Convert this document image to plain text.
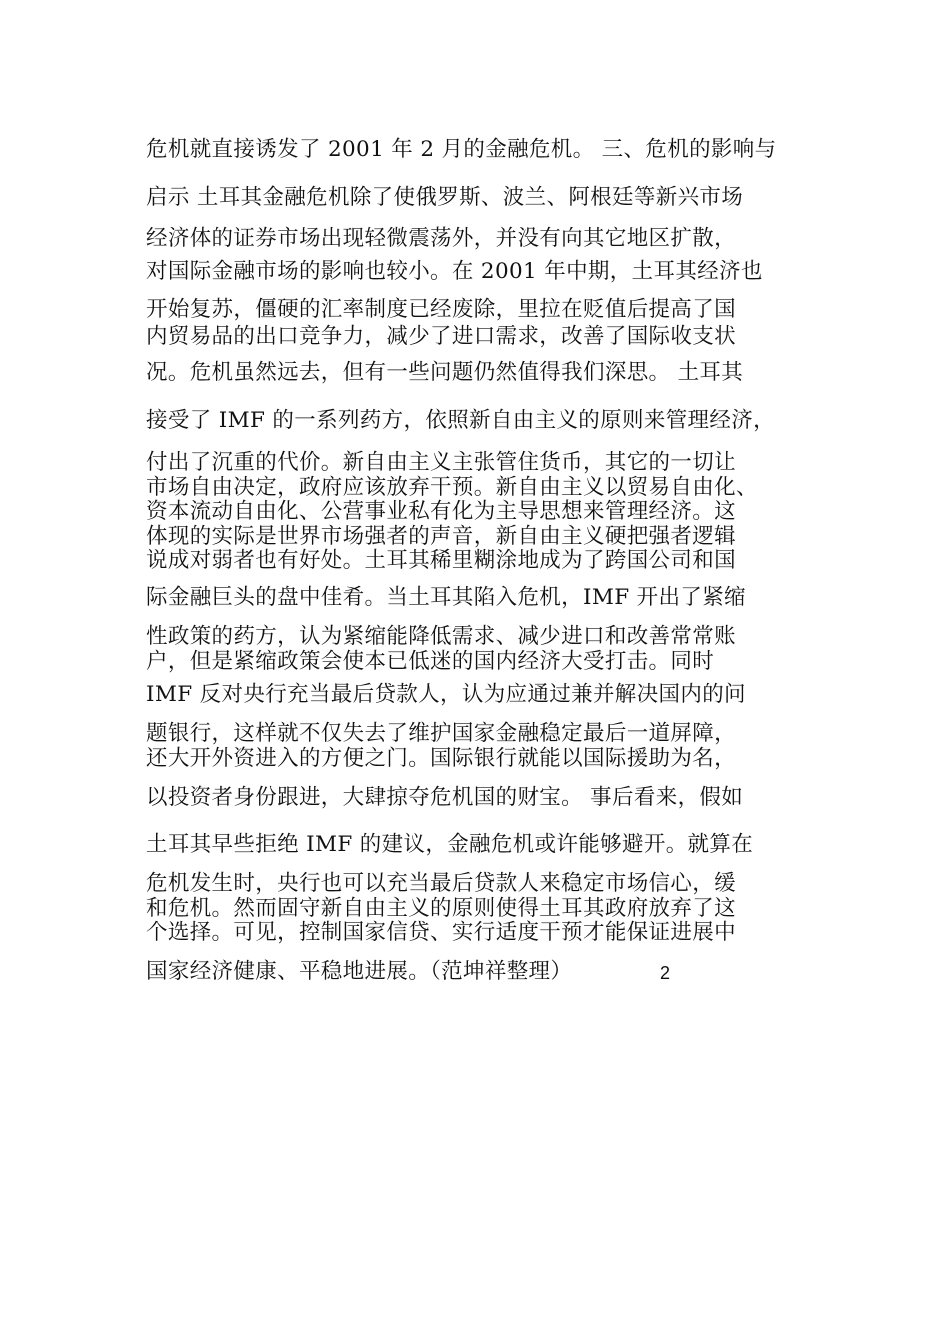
危机就直接诱发了 2001 年 2 月的金融危机。 三、危机的影响与
启示 土耳其金融危机除了使俄罗斯、波兰、阿根廷等新兴市场
经济体的证券市场出现轻微震荡外，并没有向其它地区扩散，
对国际金融市场的影响也较小。在 2001 年中期，土耳其经济也
开始复苏，僵硬的汇率制度已经废除，里拉在贬值后提高了国
内贸易品的出口竞争力，减少了进口需求，改善了国际收支状
况。危机虽然远去，但有一些问题仍然值得我们深思。 土耳其
接受了 IMF 的一系列药方，依照新自由主义的原则来管理经济，
付出了沉重的代价。新自由主义主张管住货币，其它的一切让
市场自由决定，政府应该放弃干预。新自由主义以贸易自由化、
资本流动自由化、公营事业私有化为主导思想来管理经济。这
体现的实际是世界市场强者的声音，新自由主义硬把强者逻辑
说成对弱者也有好处。土耳其稀里糊涂地成为了跨国公司和国
际金融巨头的盘中佳肴。当土耳其陷入危机，IMF 开出了紧缩
性政策的药方，认为紧缩能降低需求、减少进口和改善常常账
户，但是紧缩政策会使本已低迷的国内经济大受打击。同时
IMF 反对央行充当最后贷款人，认为应通过兼并解决国内的问
题银行，这样就不仅失去了维护国家金融稳定最后一道屏障，
还大开外资进入的方便之门。国际银行就能以国际援助为名，
以投资者身份跟进，大肆掠夺危机国的财宝。 事后看来，假如
土耳其早些拒绝 IMF 的建议，金融危机或许能够避开。就算在
危机发生时，央行也可以充当最后贷款人来稳定市场信心，缓
和危机。然而固守新自由主义的原则使得土耳其政府放弃了这
个选择。可见，控制国家信贷、实行适度干预才能保证进展中
国家经济健康、平稳地进展。（范坤祥整理）	2
